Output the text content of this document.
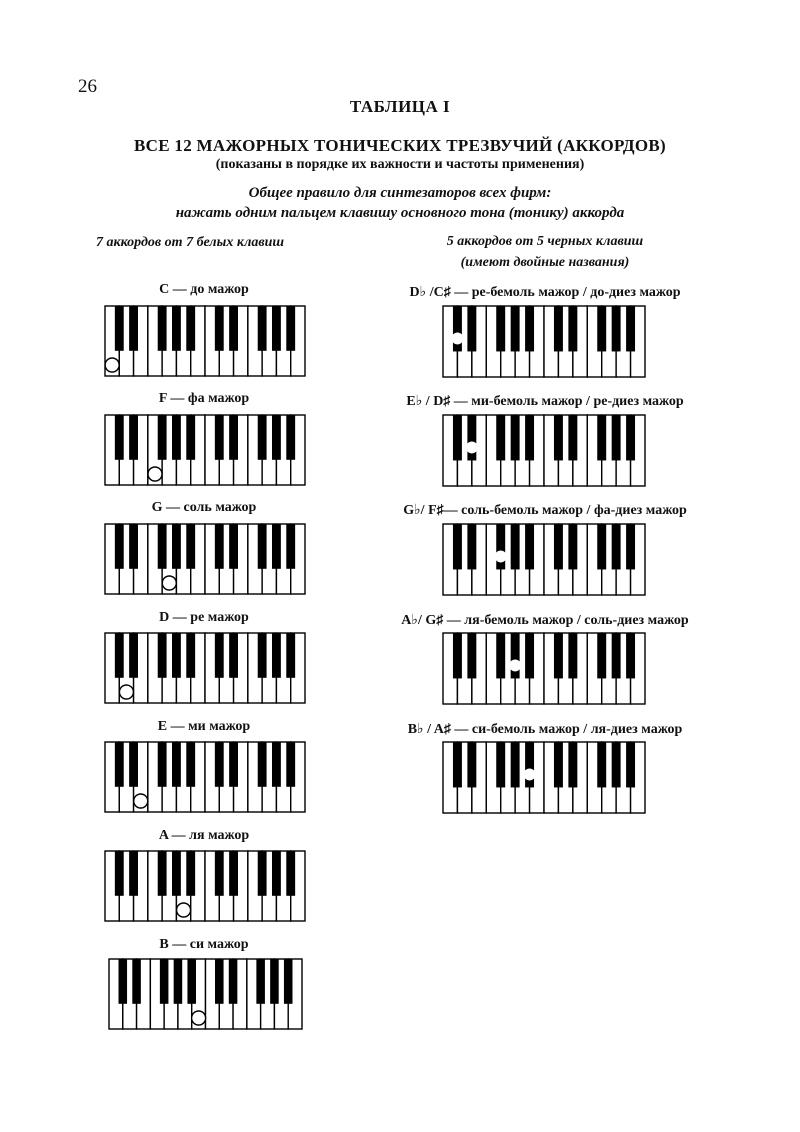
26
ТАБЛИЦА I
ВСЕ 12 МАЖОРНЫХ ТОНИЧЕСКИХ ТРЕЗВУЧИЙ (АККОРДОВ)
(показаны в порядке их важности и частоты применения)
Общее правило для синтезаторов всех фирм:
нажать одним пальцем клавишу основного тона (тонику) аккорда
7 аккордов от 7 белых клавиш	5 аккордов от 5 черных клавиш
(имеют двойные названия)
C — до мажор
F — фа мажор
G — соль мажор
D — ре мажор
E — ми мажор
A — ля мажор
B — си мажор
D♭ /C♯ — ре-бемоль мажор / до-диез мажор
E♭ / D♯ — ми-бемоль мажор / ре-диез мажор
G♭/ F♯— соль-бемоль мажор / фа-диез мажор
A♭/ G♯ — ля-бемоль мажор / соль-диез мажор
B♭ / A♯ — си-бемоль мажор / ля-диез мажор
